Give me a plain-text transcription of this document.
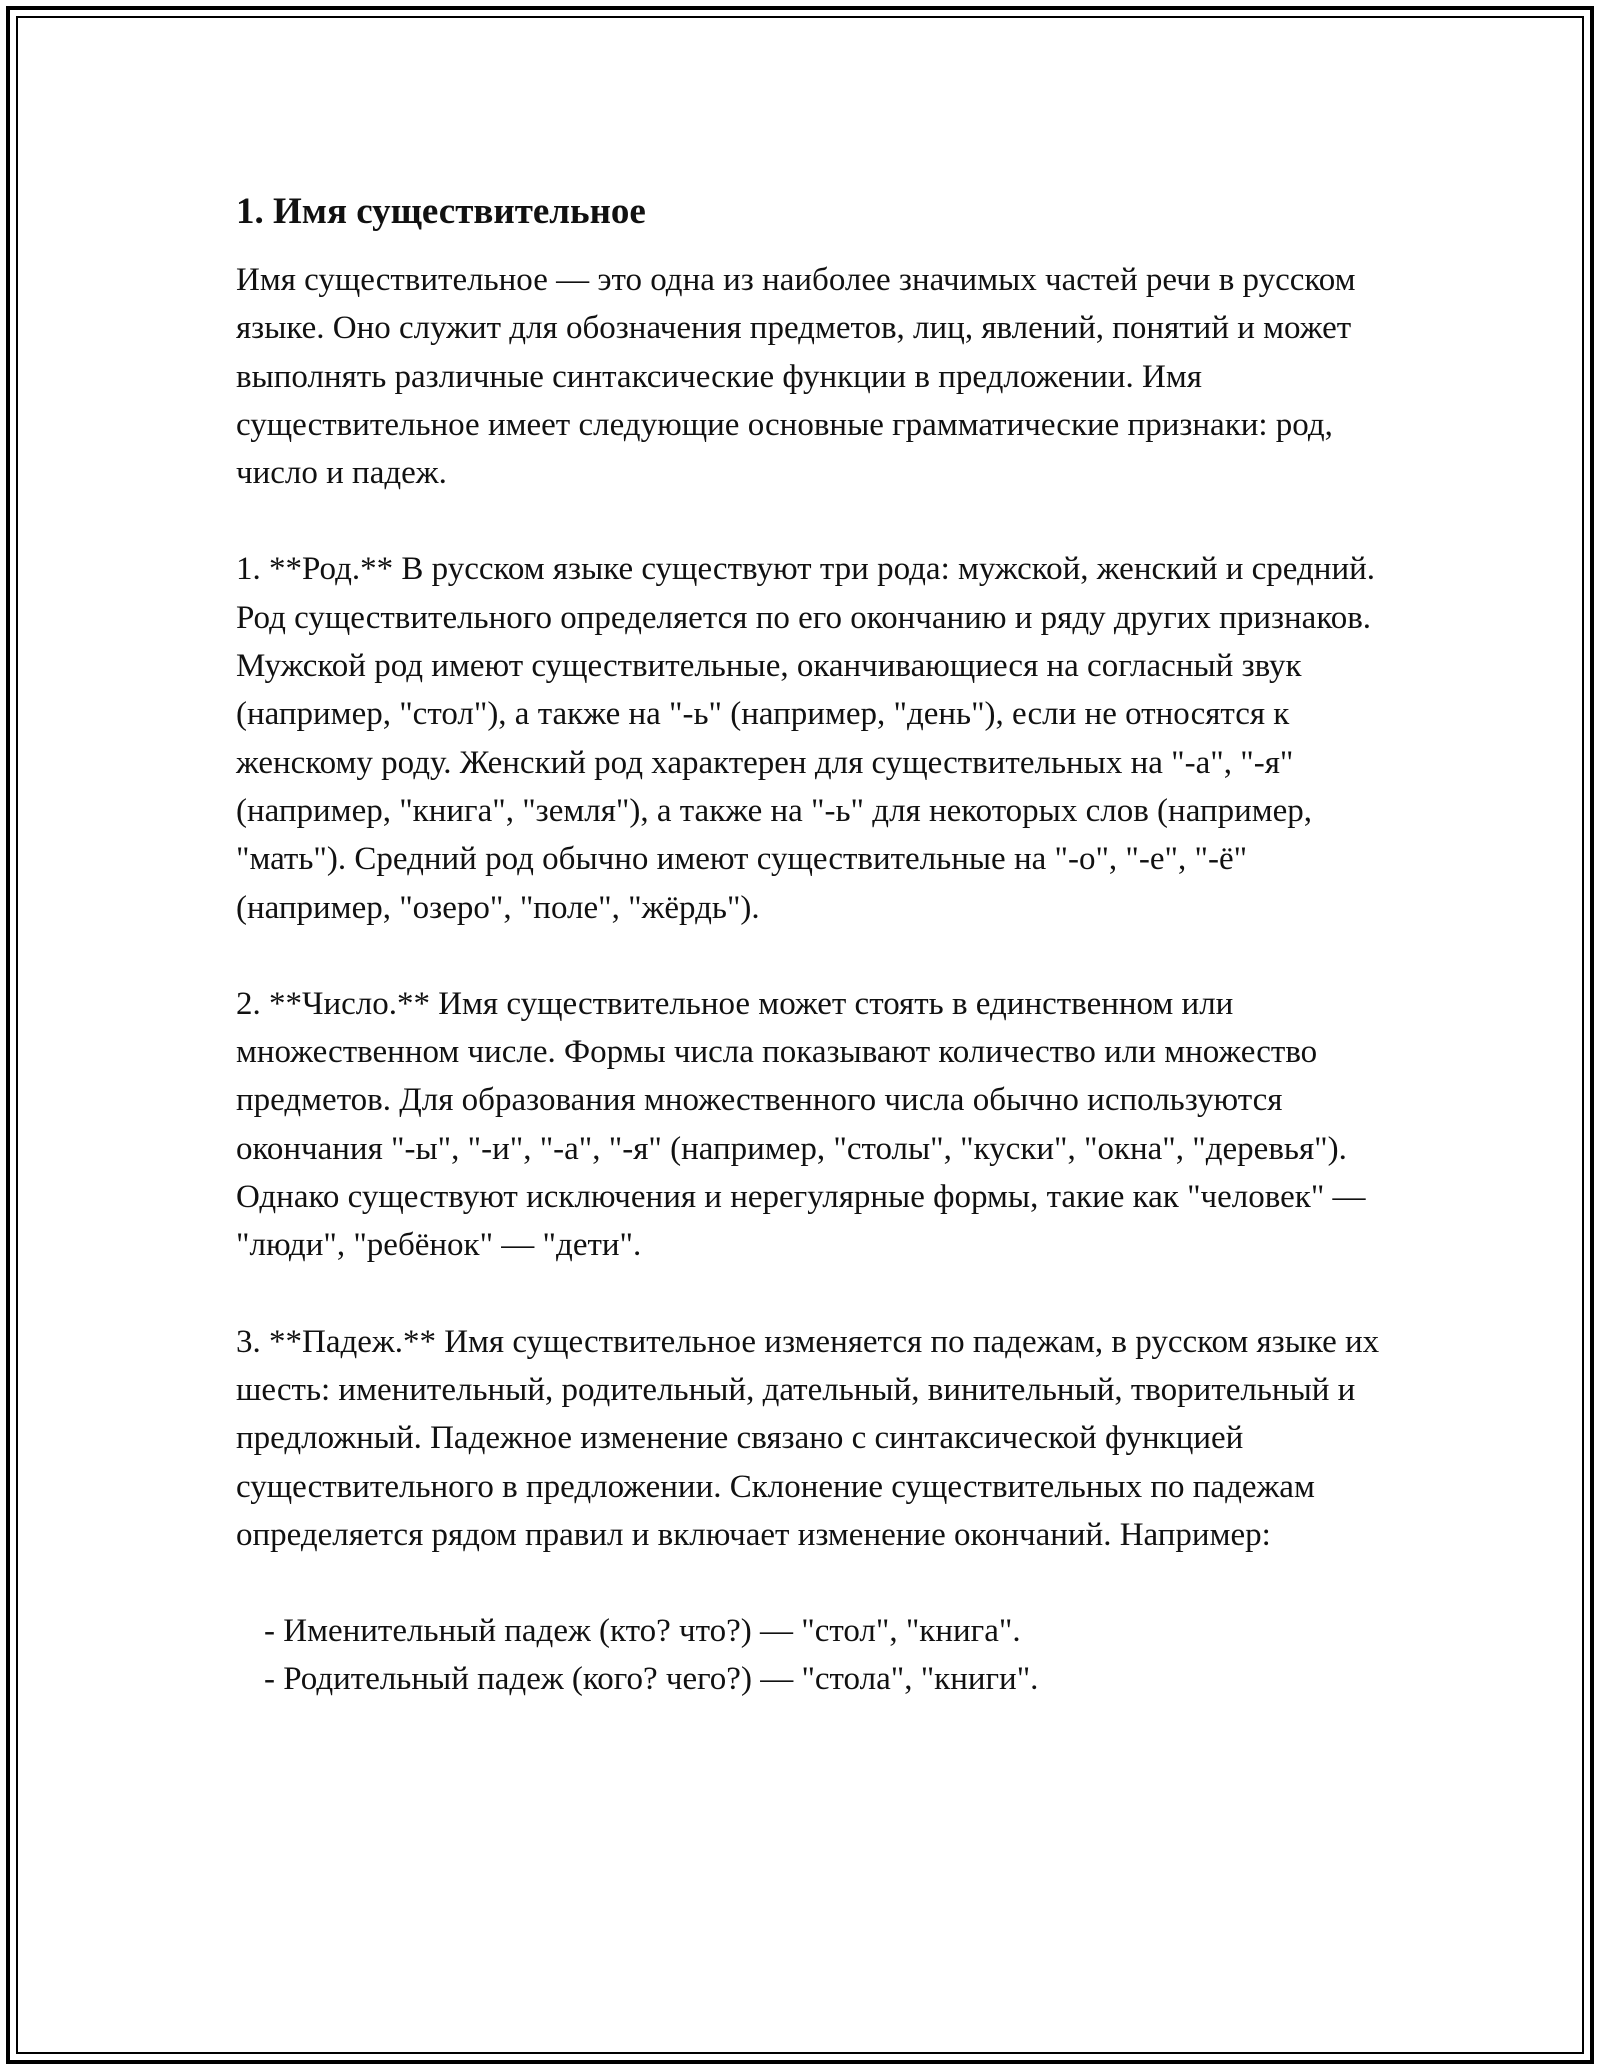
1. Имя существительное

Имя существительное — это одна из наиболее значимых частей речи в русском языке. Оно служит для обозначения предметов, лиц, явлений, понятий и может выполнять различные синтаксические функции в предложении. Имя существительное имеет следующие основные грамматические признаки: род, число и падеж.

1. **Род.** В русском языке существуют три рода: мужской, женский и средний. Род существительного определяется по его окончанию и ряду других признаков. Мужской род имеют существительные, оканчивающиеся на согласный звук (например, "стол"), а также на "-ь" (например, "день"), если не относятся к женскому роду. Женский род характерен для существительных на "-а", "-я" (например, "книга", "земля"), а также на "-ь" для некоторых слов (например, "мать"). Средний род обычно имеют существительные на "-о", "-е", "-ё" (например, "озеро", "поле", "жёрдь").

2. **Число.** Имя существительное может стоять в единственном или множественном числе. Формы числа показывают количество или множество предметов. Для образования множественного числа обычно используются окончания "-ы", "-и", "-а", "-я" (например, "столы", "куски", "окна", "деревья"). Однако существуют исключения и нерегулярные формы, такие как "человек" — "люди", "ребёнок" — "дети".

3. **Падеж.** Имя существительное изменяется по падежам, в русском языке их шесть: именительный, родительный, дательный, винительный, творительный и предложный. Падежное изменение связано с синтаксической функцией существительного в предложении. Склонение существительных по падежам определяется рядом правил и включает изменение окончаний. Например:

- Именительный падеж (кто? что?) — "стол", "книга".
- Родительный падеж (кого? чего?) — "стола", "книги".
